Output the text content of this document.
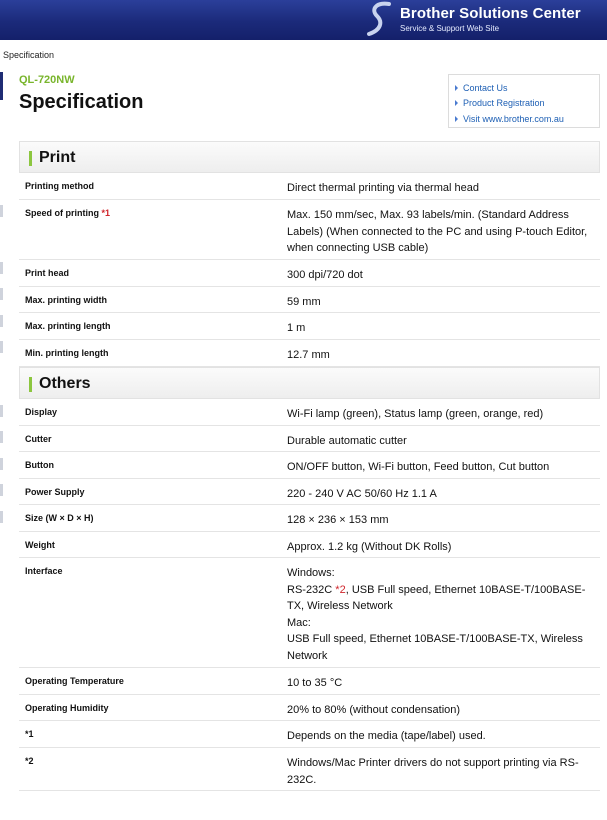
Brother Solutions Center
Service & Support Web Site
Specification
QL-720NW
Specification
Contact Us
Product Registration
Visit www.brother.com.au
Print
Printing method	Direct thermal printing via thermal head
Speed of printing *1	Max. 150 mm/sec, Max. 93 labels/min. (Standard Address Labels) (When connected to the PC and using P-touch Editor, when connecting USB cable)
Print head	300 dpi/720 dot
Max. printing width	59 mm
Max. printing length	1 m
Min. printing length	12.7 mm
Others
Display	Wi-Fi lamp (green), Status lamp (green, orange, red)
Cutter	Durable automatic cutter
Button	ON/OFF button, Wi-Fi button, Feed button, Cut button
Power Supply	220 - 240 V AC 50/60 Hz 1.1 A
Size (W × D × H)	128 × 236 × 153 mm
Weight	Approx. 1.2 kg (Without DK Rolls)
Interface	Windows:
RS-232C *2, USB Full speed, Ethernet 10BASE-T/100BASE-TX, Wireless Network
Mac:
USB Full speed, Ethernet 10BASE-T/100BASE-TX, Wireless Network
Operating Temperature	10 to 35 °C
Operating Humidity	20% to 80% (without condensation)
*1	Depends on the media (tape/label) used.
*2	Windows/Mac Printer drivers do not support printing via RS-232C.
